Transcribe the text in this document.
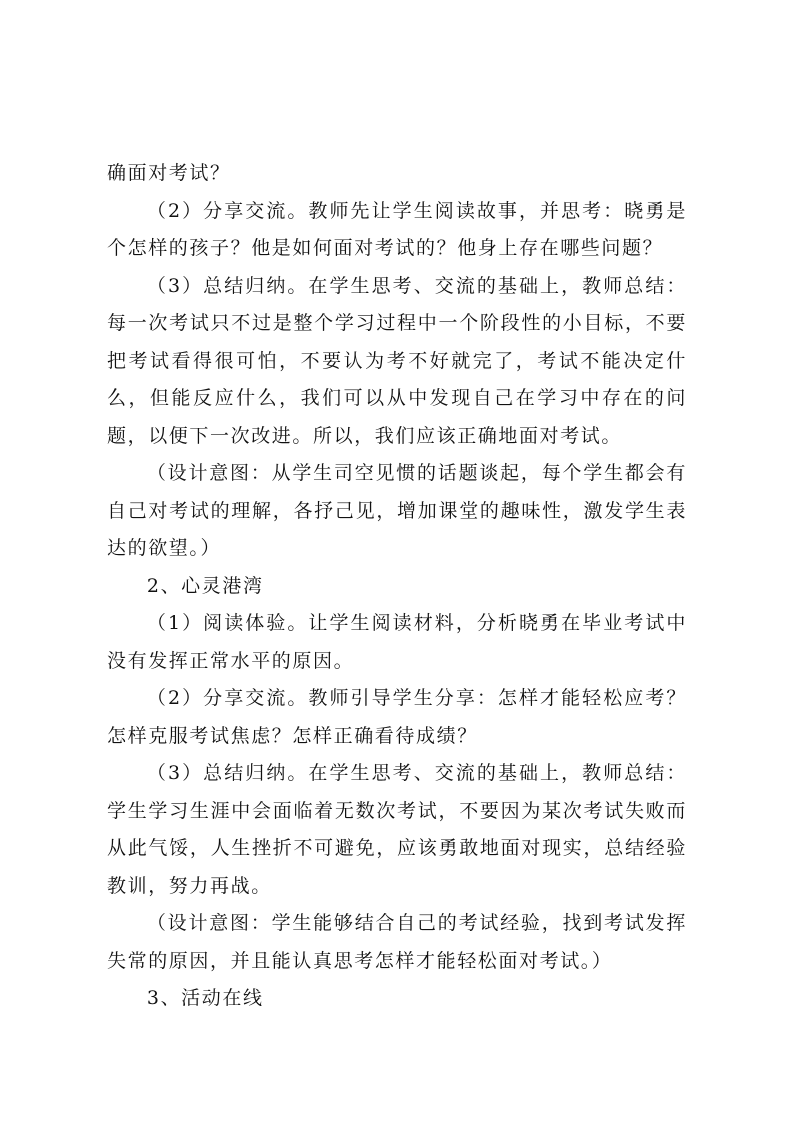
确面对考试？

（2）分享交流。教师先让学生阅读故事，并思考：晓勇是个怎样的孩子？他是如何面对考试的？他身上存在哪些问题？

（3）总结归纳。在学生思考、交流的基础上，教师总结：每一次考试只不过是整个学习过程中一个阶段性的小目标，不要把考试看得很可怕，不要认为考不好就完了，考试不能决定什么，但能反应什么，我们可以从中发现自己在学习中存在的问题，以便下一次改进。所以，我们应该正确地面对考试。

（设计意图：从学生司空见惯的话题谈起，每个学生都会有自己对考试的理解，各抒己见，增加课堂的趣味性，激发学生表达的欲望。）

2、心灵港湾

（1）阅读体验。让学生阅读材料，分析晓勇在毕业考试中没有发挥正常水平的原因。

（2）分享交流。教师引导学生分享：怎样才能轻松应考？怎样克服考试焦虑？怎样正确看待成绩？

（3）总结归纳。在学生思考、交流的基础上，教师总结：学生学习生涯中会面临着无数次考试，不要因为某次考试失败而从此气馁，人生挫折不可避免，应该勇敢地面对现实，总结经验教训，努力再战。

（设计意图：学生能够结合自己的考试经验，找到考试发挥失常的原因，并且能认真思考怎样才能轻松面对考试。）

3、活动在线
